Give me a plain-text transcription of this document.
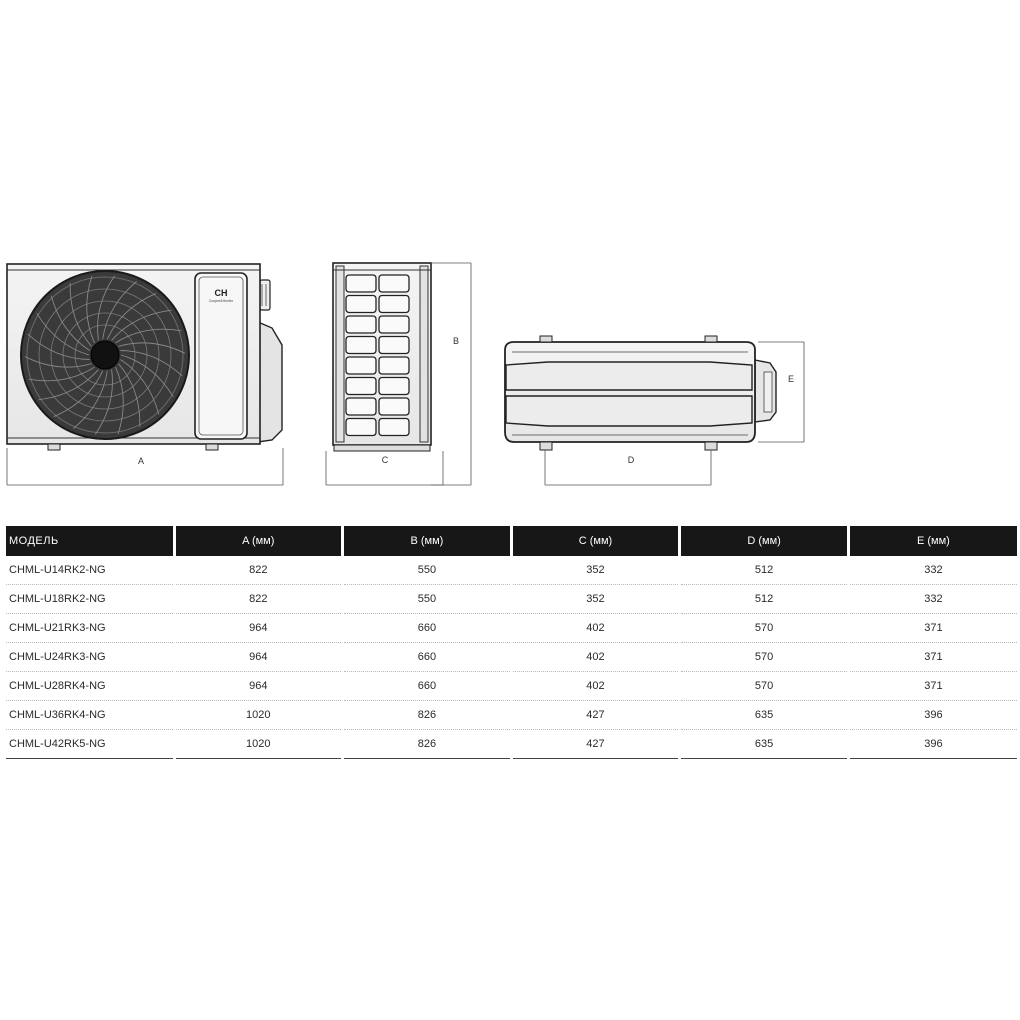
CH
Cooper&Hunter
A
B
C	D
E
МОДЕЛЬ	A (мм)	B (мм)	C (мм)	D (мм)	E (мм)
CHML-U14RK2-NG	822	550	352	512	332
CHML-U18RK2-NG	822	550	352	512	332
CHML-U21RK3-NG	964	660	402	570	371
CHML-U24RK3-NG	964	660	402	570	371
CHML-U28RK4-NG	964	660	402	570	371
CHML-U36RK4-NG	1020	826	427	635	396
CHML-U42RK5-NG	1020	826	427	635	396
